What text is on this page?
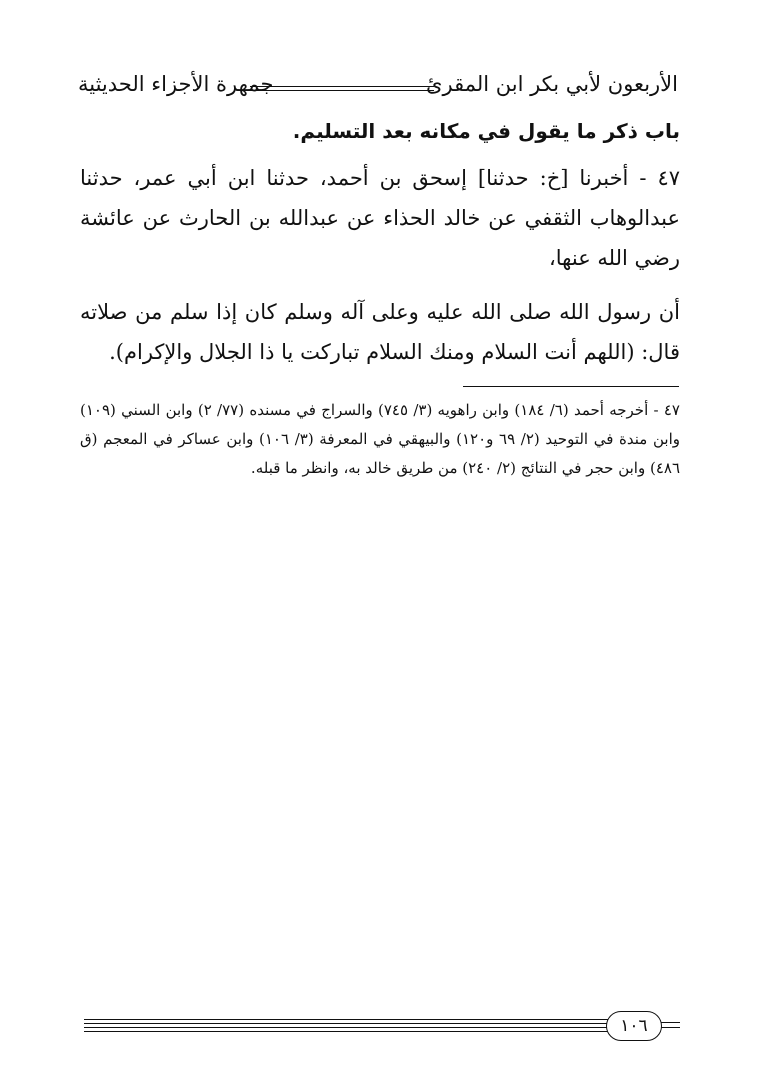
الأربعون لأبي بكر ابن المقرئ
جمهرة الأجزاء الحديثية

باب ذكر ما يقول في مكانه بعد التسليم.

٤٧ - أخبرنا [خ: حدثنا] إسحق بن أحمد، حدثنا ابن أبي عمر، حدثنا عبدالوهاب الثقفي عن خالد الحذاء عن عبدالله بن الحارث عن عائشة رضي الله عنها،

أن رسول الله صلى الله عليه وعلى آله وسلم كان إذا سلم من صلاته قال: (اللهم أنت السلام ومنك السلام تباركت يا ذا الجلال والإكرام).

٤٧ - أخرجه أحمد (٦/ ١٨٤) وابن راهويه (٣/ ٧٤٥) والسراج في مسنده (٧٧/ ٢) وابن السني (١٠٩) وابن مندة في التوحيد (٢/ ٦٩ و١٢٠) والبيهقي في المعرفة (٣/ ١٠٦) وابن عساكر في المعجم (ق ٤٨٦) وابن حجر في النتائج (٢/ ٢٤٠) من طريق خالد به، وانظر ما قبله.

١٠٦
